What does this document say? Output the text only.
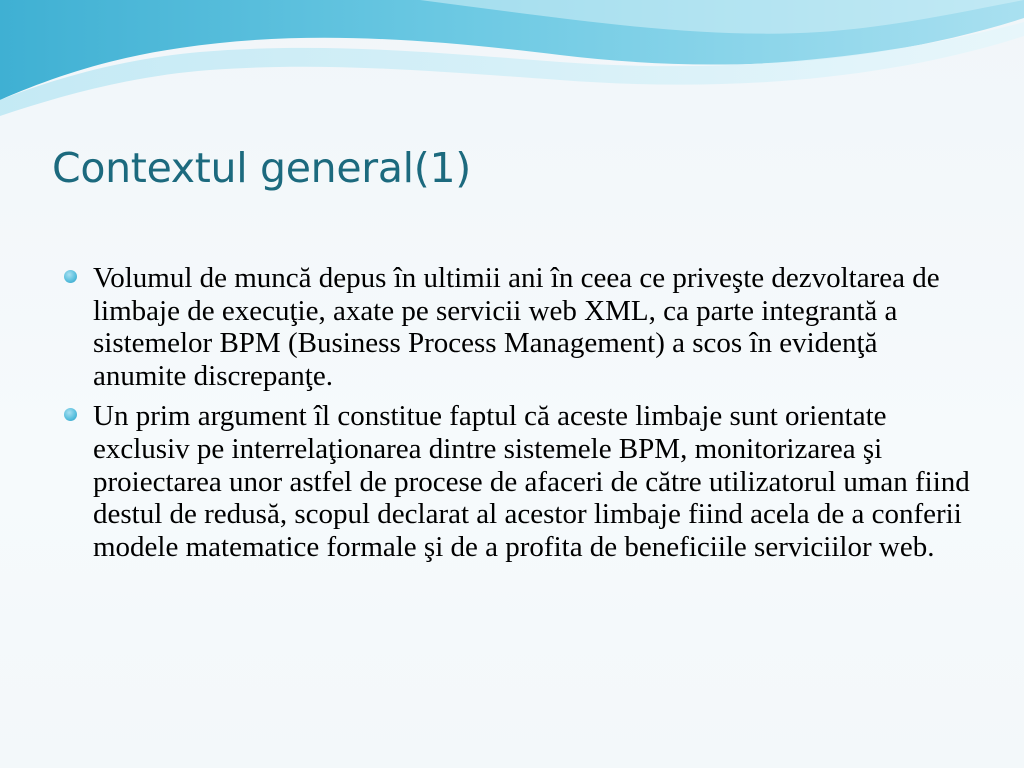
Contextul general(1)
Volumul de muncă depus în ultimii ani în ceea ce priveşte dezvoltarea de limbaje de execuţie, axate pe servicii web XML, ca parte integrantă a sistemelor BPM (Business Process Management) a scos în evidenţă anumite discrepanţe.
Un prim argument îl constitue faptul că aceste limbaje sunt orientate exclusiv pe interrelaţionarea dintre sistemele BPM, monitorizarea şi proiectarea unor astfel de procese de afaceri de către utilizatorul uman fiind destul de redusă, scopul declarat al acestor limbaje fiind acela de a conferii modele matematice formale şi de a profita de beneficiile serviciilor web.
